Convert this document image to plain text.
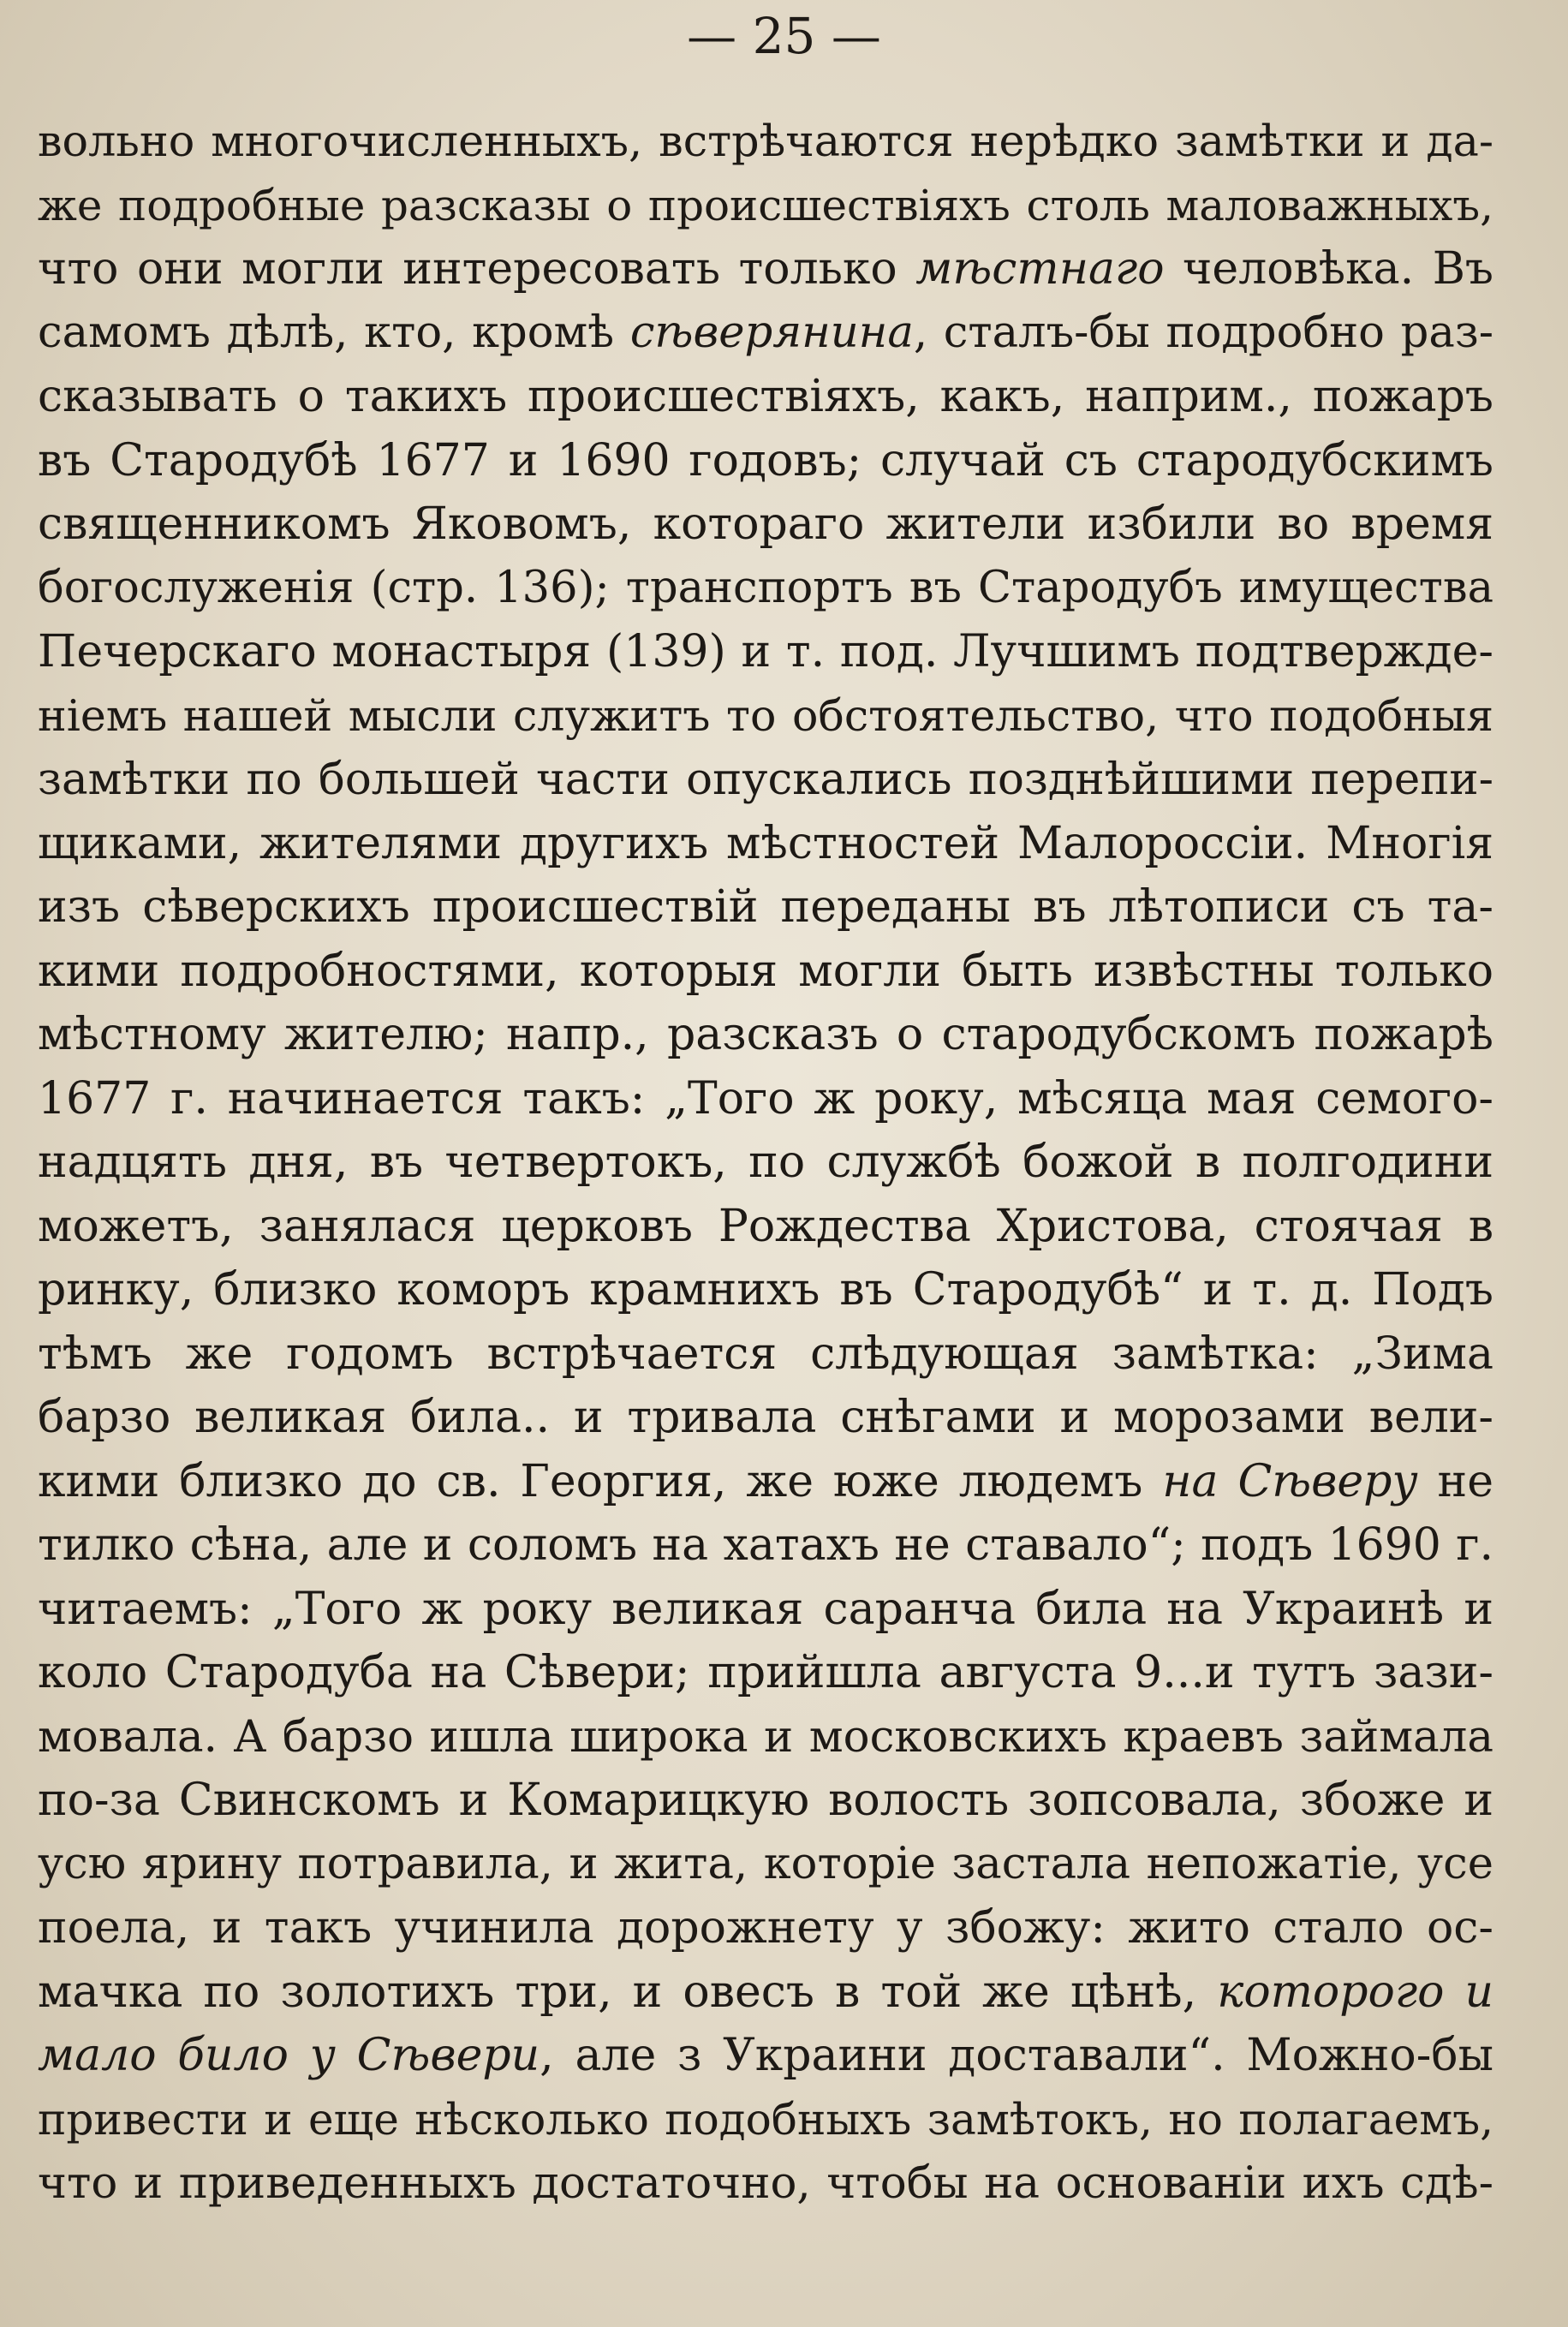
— 25 —
вольно многочисленныхъ, встрѣчаются нерѣдко замѣтки и да-
же подробные разсказы о происшествіяхъ столь маловажныхъ,
что они могли интересовать только мѣстнаго человѣка. Въ
самомъ дѣлѣ, кто, кромѣ сѣверянина, сталъ-бы подробно раз-
сказывать о такихъ происшествіяхъ, какъ, наприм., пожаръ
въ Стародубѣ 1677 и 1690 годовъ; случай съ стародубскимъ
священникомъ Яковомъ, котораго жители избили во время
богослуженія (стр. 136); транспортъ въ Стародубъ имущества
Печерскаго монастыря (139) и т. под. Лучшимъ подтвержде-
ніемъ нашей мысли служитъ то обстоятельство, что подобныя
замѣтки по большей части опускались позднѣйшими перепи-
щиками, жителями другихъ мѣстностей Малороссіи. Многія
изъ сѣверскихъ происшествій переданы въ лѣтописи съ та-
кими подробностями, которыя могли быть извѣстны только
мѣстному жителю; напр., разсказъ о стародубскомъ пожарѣ
1677 г. начинается такъ: „Того ж року, мѣсяца мая семого-
надцять дня, въ четвертокъ, по службѣ божой в полгодини
можетъ, занялася церковъ Рождества Христова, стоячая в
ринку, близко коморъ крамнихъ въ Стародубѣ“ и т. д. Подъ
тѣмъ же годомъ встрѣчается слѣдующая замѣтка: „Зима
барзо великая била.. и тривала снѣгами и морозами вели-
кими близко до св. Георгия, же юже людемъ на Сѣверу не
тилко сѣна, але и соломъ на хатахъ не ставало“; подъ 1690 г.
читаемъ: „Того ж року великая саранча била на Украинѣ и
коло Стародуба на Сѣвери; прийшла августа 9...и тутъ зази-
мовала. А барзо ишла широка и московскихъ краевъ займала
по-за Свинскомъ и Комарицкую волость зопсовала, збоже и
усю ярину потравила, и жита, которіе застала непожатіе, усе
поела, и такъ учинила дорожнету у збожу: жито стало ос-
мачка по золотихъ три, и овесъ в той же цѣнѣ, которого и
мало било у Сѣвери, але з Украини доставали“. Можно-бы
привести и еще нѣсколько подобныхъ замѣтокъ, но полагаемъ,
что и приведенныхъ достаточно, чтобы на основаніи ихъ сдѣ-
